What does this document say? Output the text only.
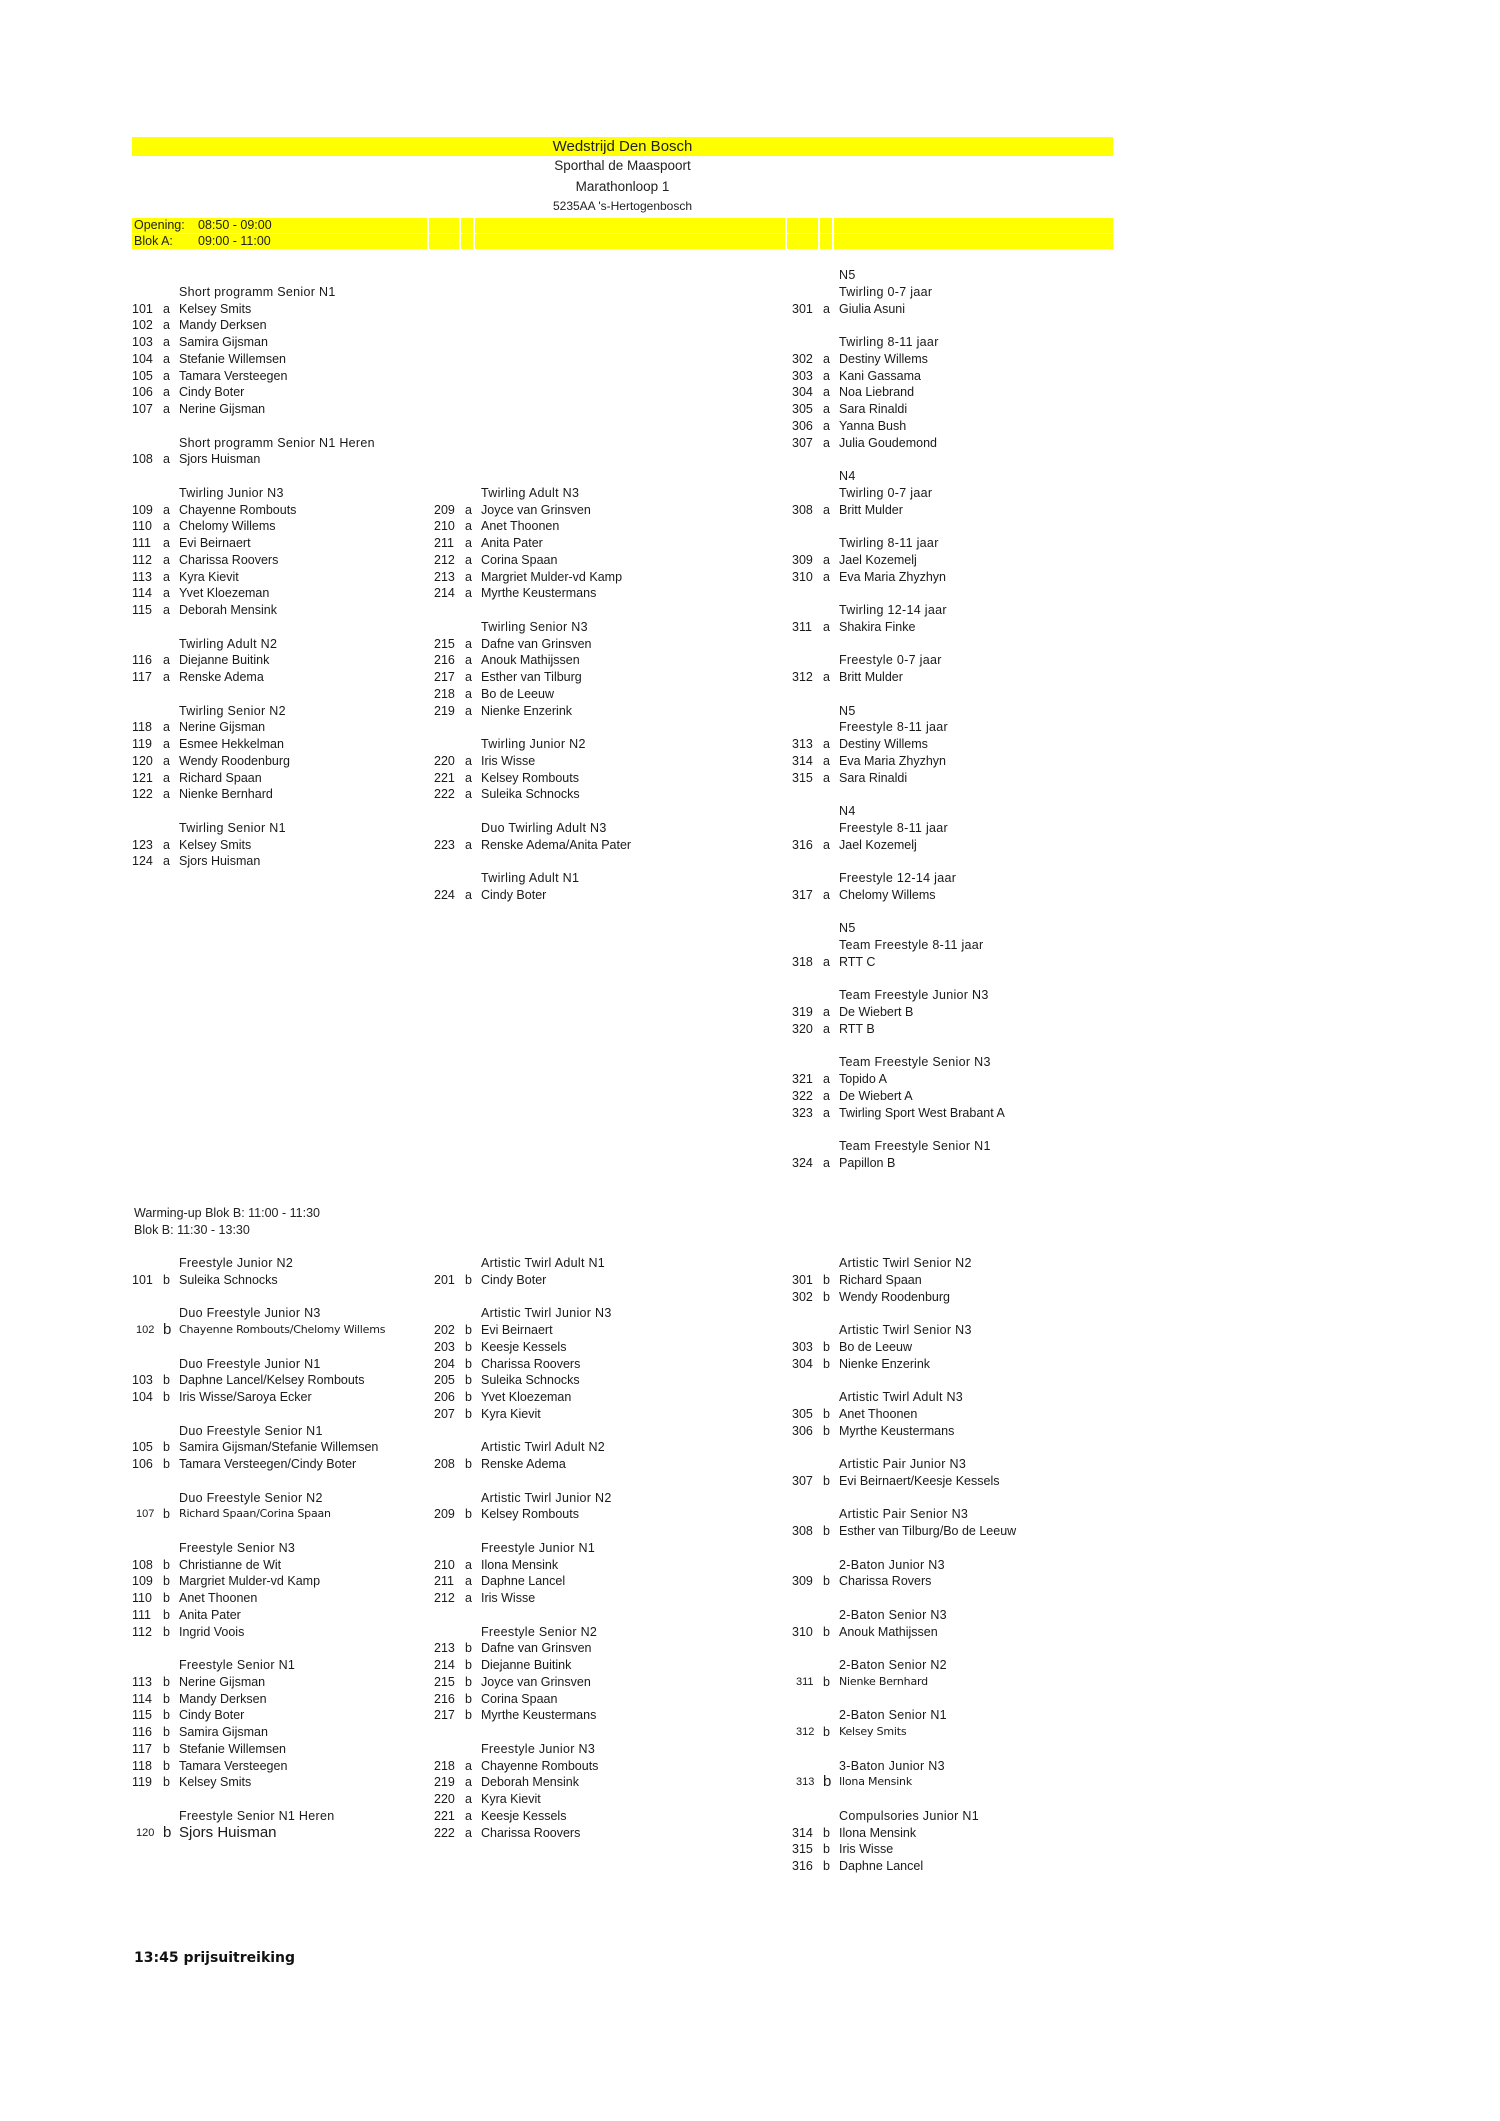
Wedstrijd Den Bosch
Sporthal de Maaspoort
Marathonloop 1
5235AA 's-Hertogenbosch
Opening: 08:50 - 09:00
Blok A: 09:00 - 11:00
Short programm Senior N1
101 a Kelsey Smits
102 a Mandy Derksen
103 a Samira Gijsman
104 a Stefanie Willemsen
105 a Tamara Versteegen
106 a Cindy Boter
107 a Nerine Gijsman
Short programm Senior N1 Heren
108 a Sjors Huisman
Twirling Junior N3
109 a Chayenne Rombouts
110 a Chelomy Willems
111 a Evi Beirnaert
112 a Charissa Roovers
113 a Kyra Kievit
114 a Yvet Kloezeman
115 a Deborah Mensink
Twirling Adult N2
116 a Diejanne Buitink
117 a Renske Adema
Twirling Senior N2
118 a Nerine Gijsman
119 a Esmee Hekkelman
120 a Wendy Roodenburg
121 a Richard Spaan
122 a Nienke Bernhard
Twirling Senior N1
123 a Kelsey Smits
124 a Sjors Huisman
Twirling Adult N3
209 a Joyce van Grinsven
210 a Anet Thoonen
211 a Anita Pater
212 a Corina Spaan
213 a Margriet Mulder-vd Kamp
214 a Myrthe Keustermans
Twirling Senior N3
215 a Dafne van Grinsven
216 a Anouk Mathijssen
217 a Esther van Tilburg
218 a Bo de Leeuw
219 a Nienke Enzerink
Twirling Junior N2
220 a Iris Wisse
221 a Kelsey Rombouts
222 a Suleika Schnocks
Duo Twirling Adult N3
223 a Renske Adema/Anita Pater
Twirling Adult N1
224 a Cindy Boter
N5
Twirling 0-7 jaar
301 a Giulia Asuni
Twirling 8-11 jaar
302 a Destiny Willems
303 a Kani Gassama
304 a Noa Liebrand
305 a Sara Rinaldi
306 a Yanna Bush
307 a Julia Goudemond
N4
Twirling 0-7 jaar
308 a Britt Mulder
Twirling 8-11 jaar
309 a Jael Kozemelj
310 a Eva Maria Zhyzhyn
Twirling 12-14 jaar
311 a Shakira Finke
Freestyle 0-7 jaar
312 a Britt Mulder
N5
Freestyle 8-11 jaar
313 a Destiny Willems
314 a Eva Maria Zhyzhyn
315 a Sara Rinaldi
N4
Freestyle 8-11 jaar
316 a Jael Kozemelj
Freestyle 12-14 jaar
317 a Chelomy Willems
N5
Team Freestyle 8-11 jaar
318 a RTT C
Team Freestyle Junior N3
319 a De Wiebert B
320 a RTT B
Team Freestyle Senior N3
321 a Topido A
322 a De Wiebert A
323 a Twirling Sport West Brabant A
Team Freestyle Senior N1
324 a Papillon B
Warming-up Blok B: 11:00 - 11:30
Blok B: 11:30 - 13:30
Freestyle Junior N2
101 b Suleika Schnocks
Duo Freestyle Junior N3
102 b Chayenne Rombouts/Chelomy Willems
Duo Freestyle Junior N1
103 b Daphne Lancel/Kelsey Rombouts
104 b Iris Wisse/Saroya Ecker
Duo Freestyle Senior N1
105 b Samira Gijsman/Stefanie Willemsen
106 b Tamara Versteegen/Cindy Boter
Duo Freestyle Senior N2
107 b Richard Spaan/Corina Spaan
Freestyle Senior N3
108 b Christianne de Wit
109 b Margriet Mulder-vd Kamp
110 b Anet Thoonen
111 b Anita Pater
112 b Ingrid Voois
Freestyle Senior N1
113 b Nerine Gijsman
114 b Mandy Derksen
115 b Cindy Boter
116 b Samira Gijsman
117 b Stefanie Willemsen
118 b Tamara Versteegen
119 b Kelsey Smits
Freestyle Senior N1 Heren
120 b Sjors Huisman
Artistic Twirl Adult N1
201 b Cindy Boter
Artistic Twirl Junior N3
202 b Evi Beirnaert
203 b Keesje Kessels
204 b Charissa Roovers
205 b Suleika Schnocks
206 b Yvet Kloezeman
207 b Kyra Kievit
Artistic Twirl Adult N2
208 b Renske Adema
Artistic Twirl Junior N2
209 b Kelsey Rombouts
Freestyle Junior N1
210 a Ilona Mensink
211 a Daphne Lancel
212 a Iris Wisse
Freestyle Senior N2
213 b Dafne van Grinsven
214 b Diejanne Buitink
215 b Joyce van Grinsven
216 b Corina Spaan
217 b Myrthe Keustermans
Freestyle Junior N3
218 a Chayenne Rombouts
219 a Deborah Mensink
220 a Kyra Kievit
221 a Keesje Kessels
222 a Charissa Roovers
Artistic Twirl Senior N2
301 b Richard Spaan
302 b Wendy Roodenburg
Artistic Twirl Senior N3
303 b Bo de Leeuw
304 b Nienke Enzerink
Artistic Twirl Adult N3
305 b Anet Thoonen
306 b Myrthe Keustermans
Artistic Pair Junior N3
307 b Evi Beirnaert/Keesje Kessels
Artistic Pair Senior N3
308 b Esther van Tilburg/Bo de Leeuw
2-Baton Junior N3
309 b Charissa Rovers
2-Baton Senior N3
310 b Anouk Mathijssen
2-Baton Senior N2
311 b Nienke Bernhard
2-Baton Senior N1
312 b Kelsey Smits
3-Baton Junior N3
313 b Ilona Mensink
Compulsories Junior N1
314 b Ilona Mensink
315 b Iris Wisse
316 b Daphne Lancel
13:45 prijsuitreiking
